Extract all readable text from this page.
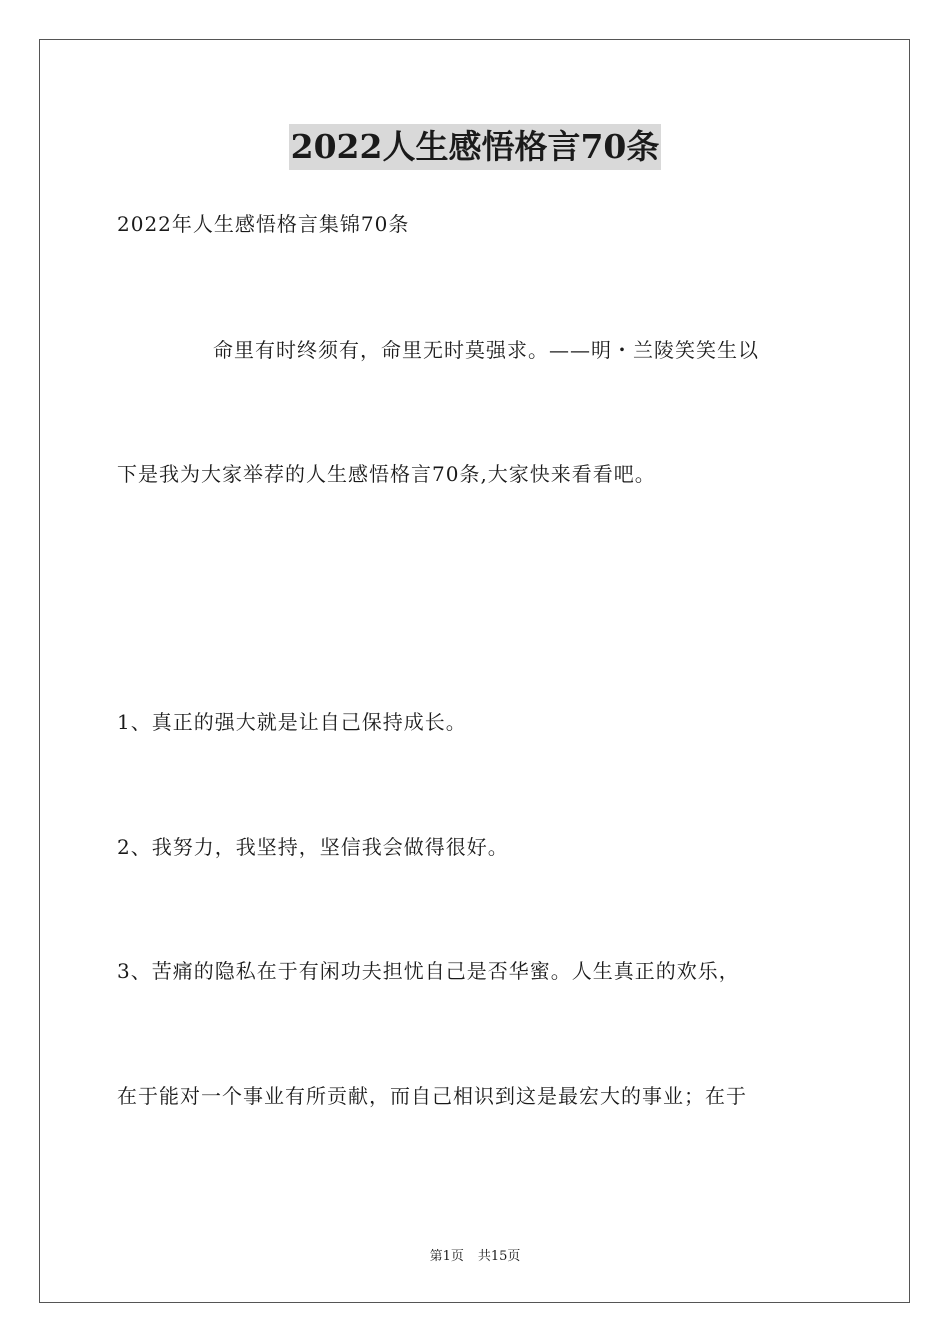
2022人生感悟格言70条
2022年人生感悟格言集锦70条
命里有时终须有，命里无时莫强求。——明・兰陵笑笑生以
下是我为大家举荐的人生感悟格言70条,大家快来看看吧。
1、真正的强大就是让自己保持成长。
2、我努力，我坚持，坚信我会做得很好。
3、苦痛的隐私在于有闲功夫担忧自己是否华蜜。人生真正的欢乐，
在于能对一个事业有所贡献，而自己相识到这是最宏大的事业；在于
第1页 共15页
